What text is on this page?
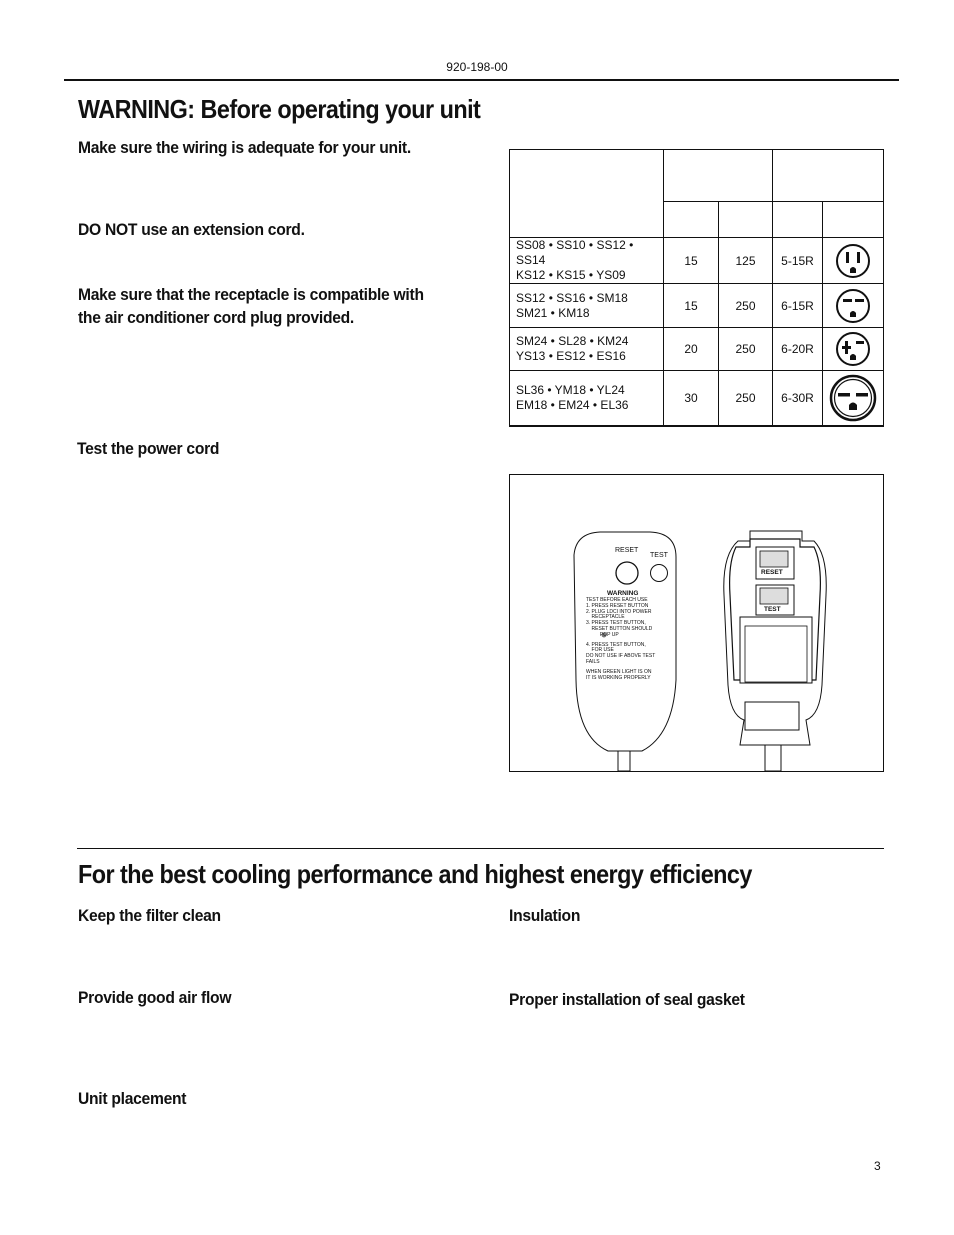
920-198-00
WARNING: Before operating your unit
Make sure the wiring is adequate for your unit.
DO NOT use an extension cord.
Make sure that the receptacle is compatible with
the air conditioner cord plug provided.
Test the power cord

SS08 • SS10 • SS12 • SS14
KS12 • KS15 • YS09	15	125	5-15R	

SS12 • SS16 • SM18
SM21 • KM18	15	250	6-15R	

SM24 • SL28 • KM24
YS13 • ES12 • ES16	20	250	6-20R	

SL36 • YM18 • YL24
EM18 • EM24 • EL36	30	250	6-30R	
RESET
TEST
WARNING
TEST BEFORE EACH USE
1. PRESS RESET BUTTON
2. PLUG LDCI INTO POWER
RECEPTACLE
3. PRESS TEST BUTTON,
RESET BUTTON SHOULD
POP UP
4. PRESS TEST BUTTON,
FOR USE
DO NOT USE IF ABOVE TEST
FAILS
WHEN GREEN LIGHT IS ON
IT IS WORKING PROPERLY
RESET
TEST
For the best cooling performance and highest energy efficiency
Keep the filter clean
Provide good air flow
Unit placement
Insulation
Proper installation of seal gasket
3
